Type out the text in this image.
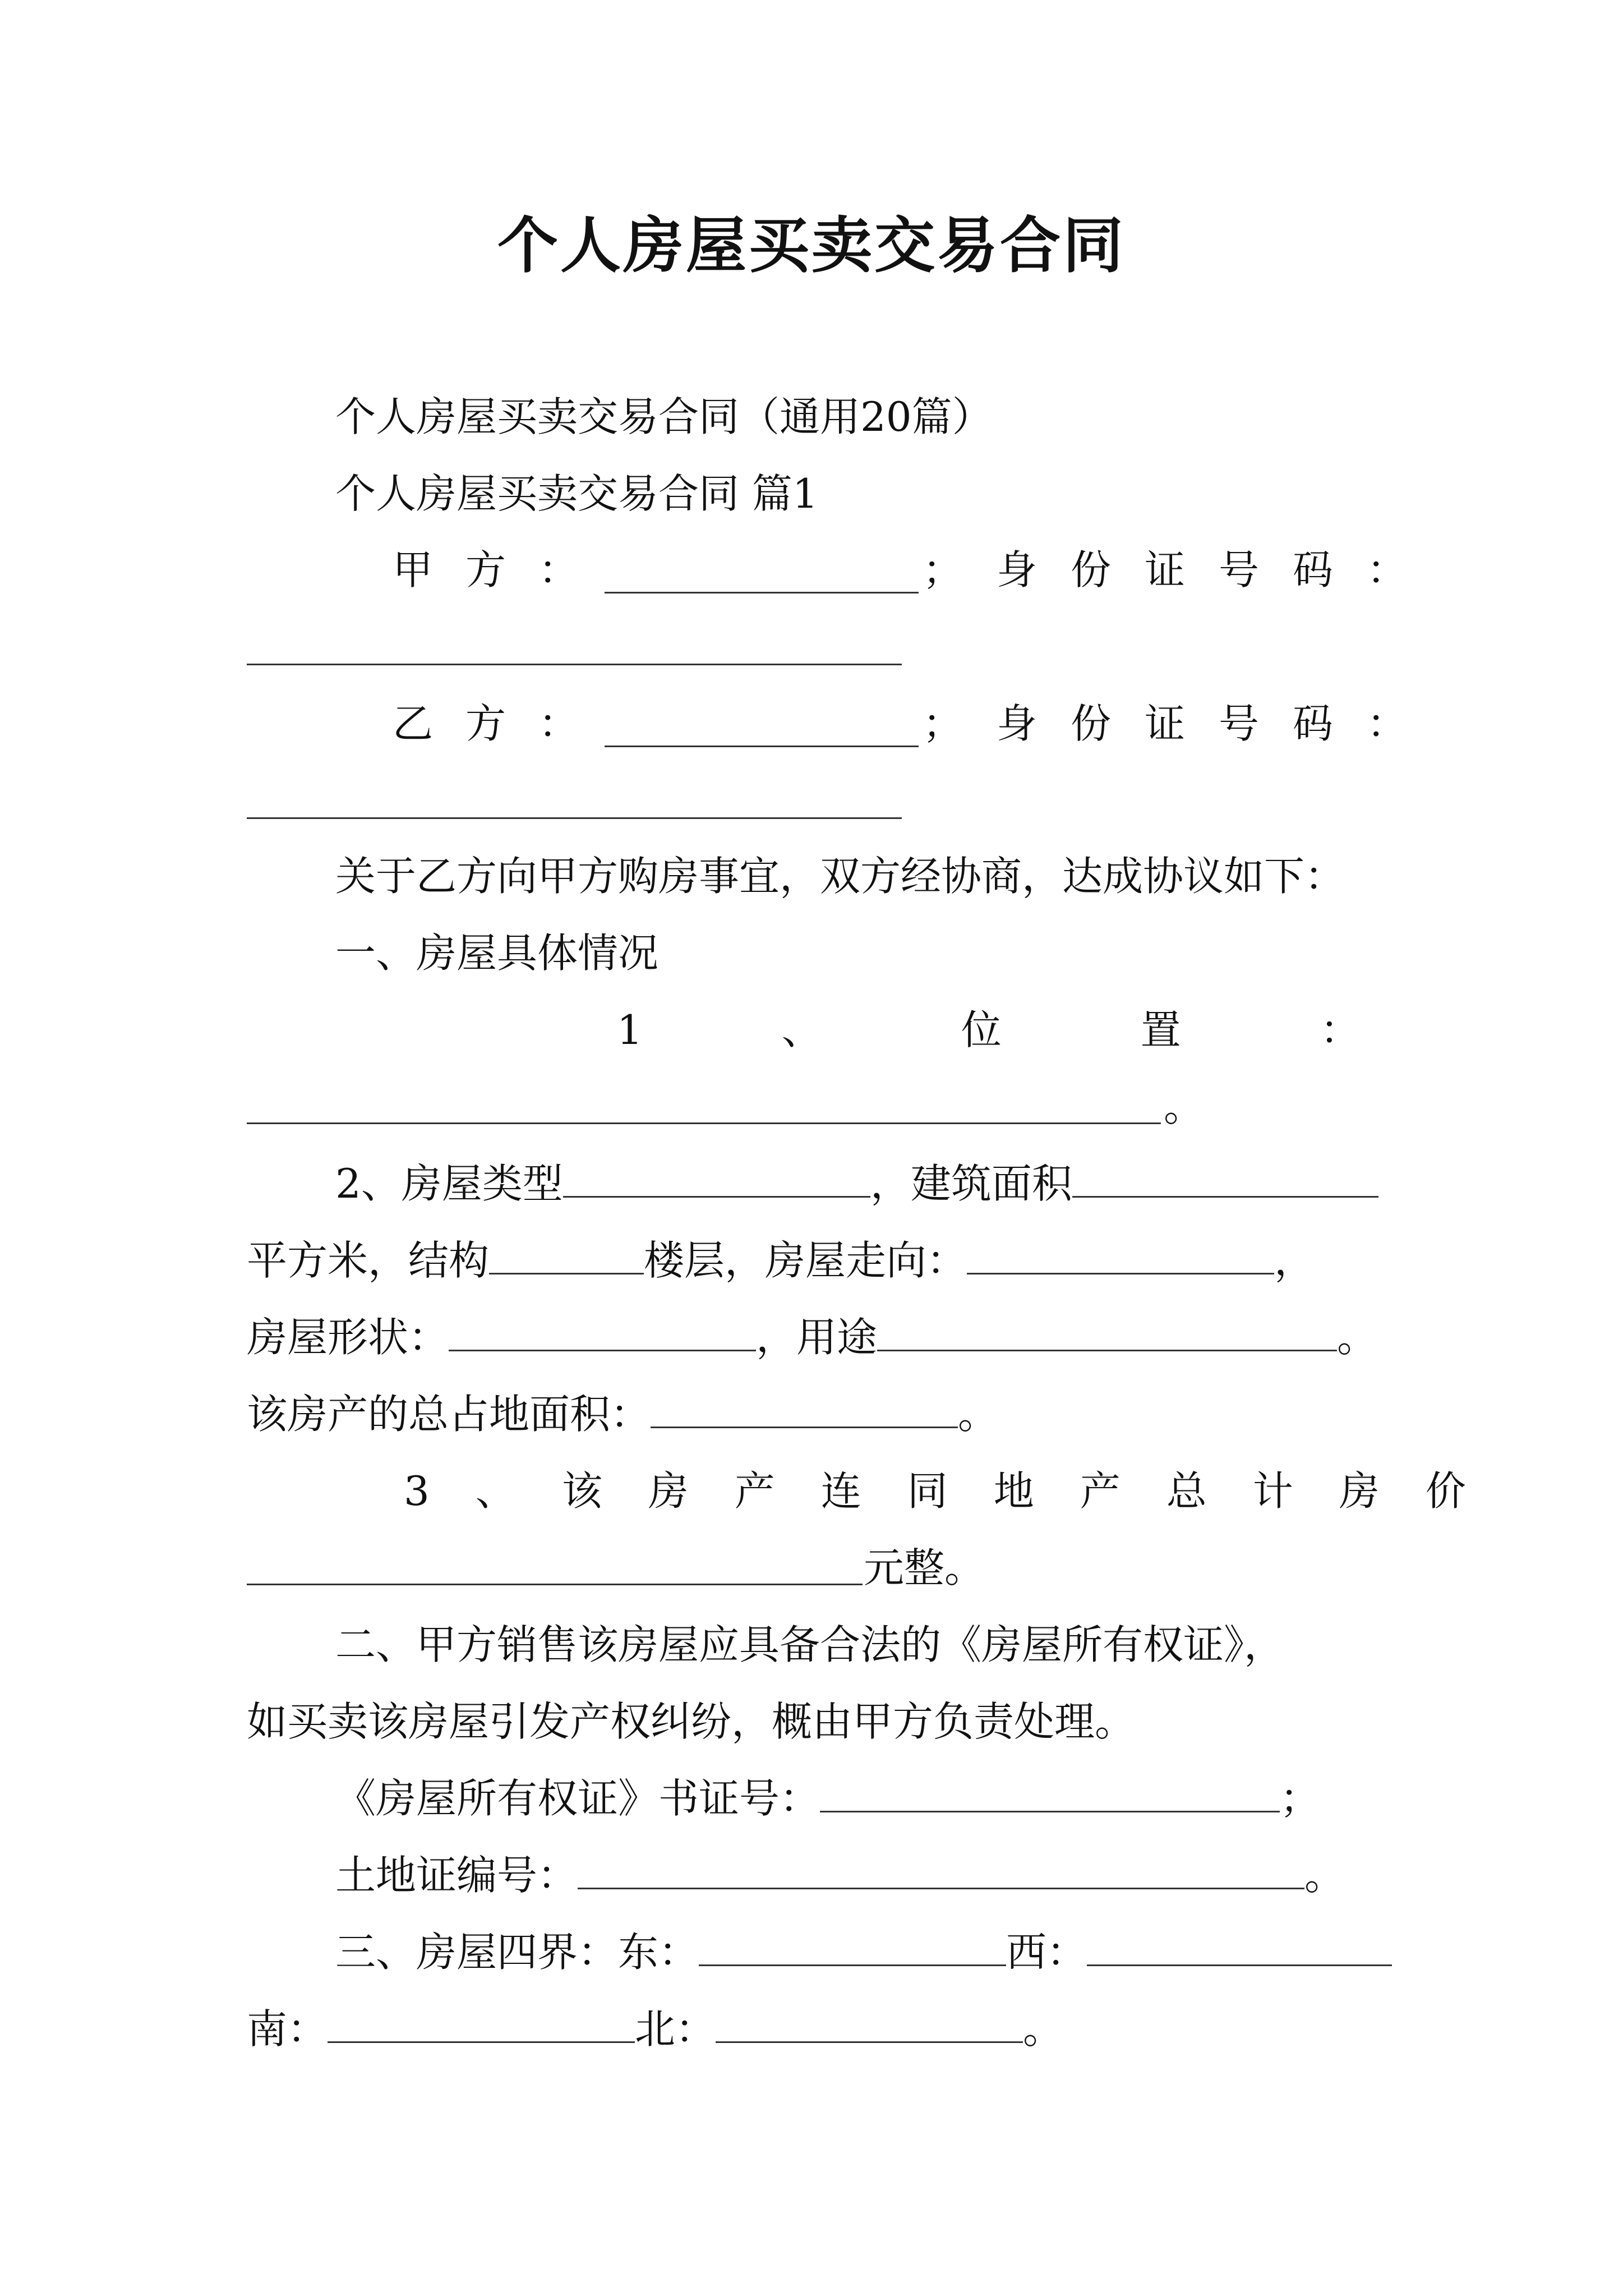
个人房屋买卖交易合同
个人房屋买卖交易合同（通用20篇）
个人房屋买卖交易合同 篇1
甲方：	；身份证号码：
乙方：	；身份证号码：
关于乙方向甲方购房事宜，双方经协商，达成协议如下：
一、房屋具体情况
1、位置：
。
2、房屋类型	，建筑面积
平方米，结构	楼层，房屋走向：	，
房屋形状：	，用途	。
该房产的总占地面积：	。
3、该房产连同地产总计房价
元整。
二、甲方销售该房屋应具备合法的《房屋所有权证》，
如买卖该房屋引发产权纠纷，概由甲方负责处理。
《房屋所有权证》书证号：	；
土地证编号：	。
三、房屋四界：东：	西：
南：	北：	。
